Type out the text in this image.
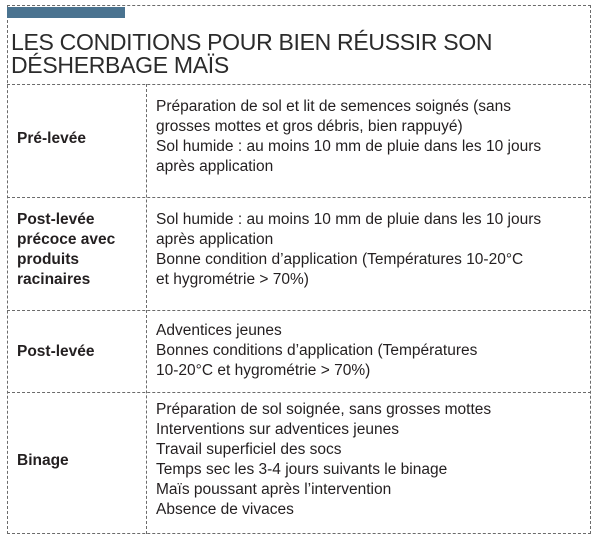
LES CONDITIONS POUR BIEN RÉUSSIR SON
DÉSHERBAGE MAÏS
Pré-levée
Préparation de sol et lit de semences soignés (sans
grosses mottes et gros débris, bien rappuyé)
Sol humide : au moins 10 mm de pluie dans les 10 jours
après application
Post-levée précoce avec produits racinaires
Sol humide : au moins 10 mm de pluie dans les 10 jours
après application
Bonne condition d’application (Températures 10-20°C
et hygrométrie > 70%)
Post-levée
Adventices jeunes
Bonnes conditions d’application (Températures
10-20°C et hygrométrie > 70%)
Binage
Préparation de sol soignée, sans grosses mottes
Interventions sur adventices jeunes
Travail superficiel des socs
Temps sec les 3-4 jours suivants le binage
Maïs poussant après l’intervention
Absence de vivaces
